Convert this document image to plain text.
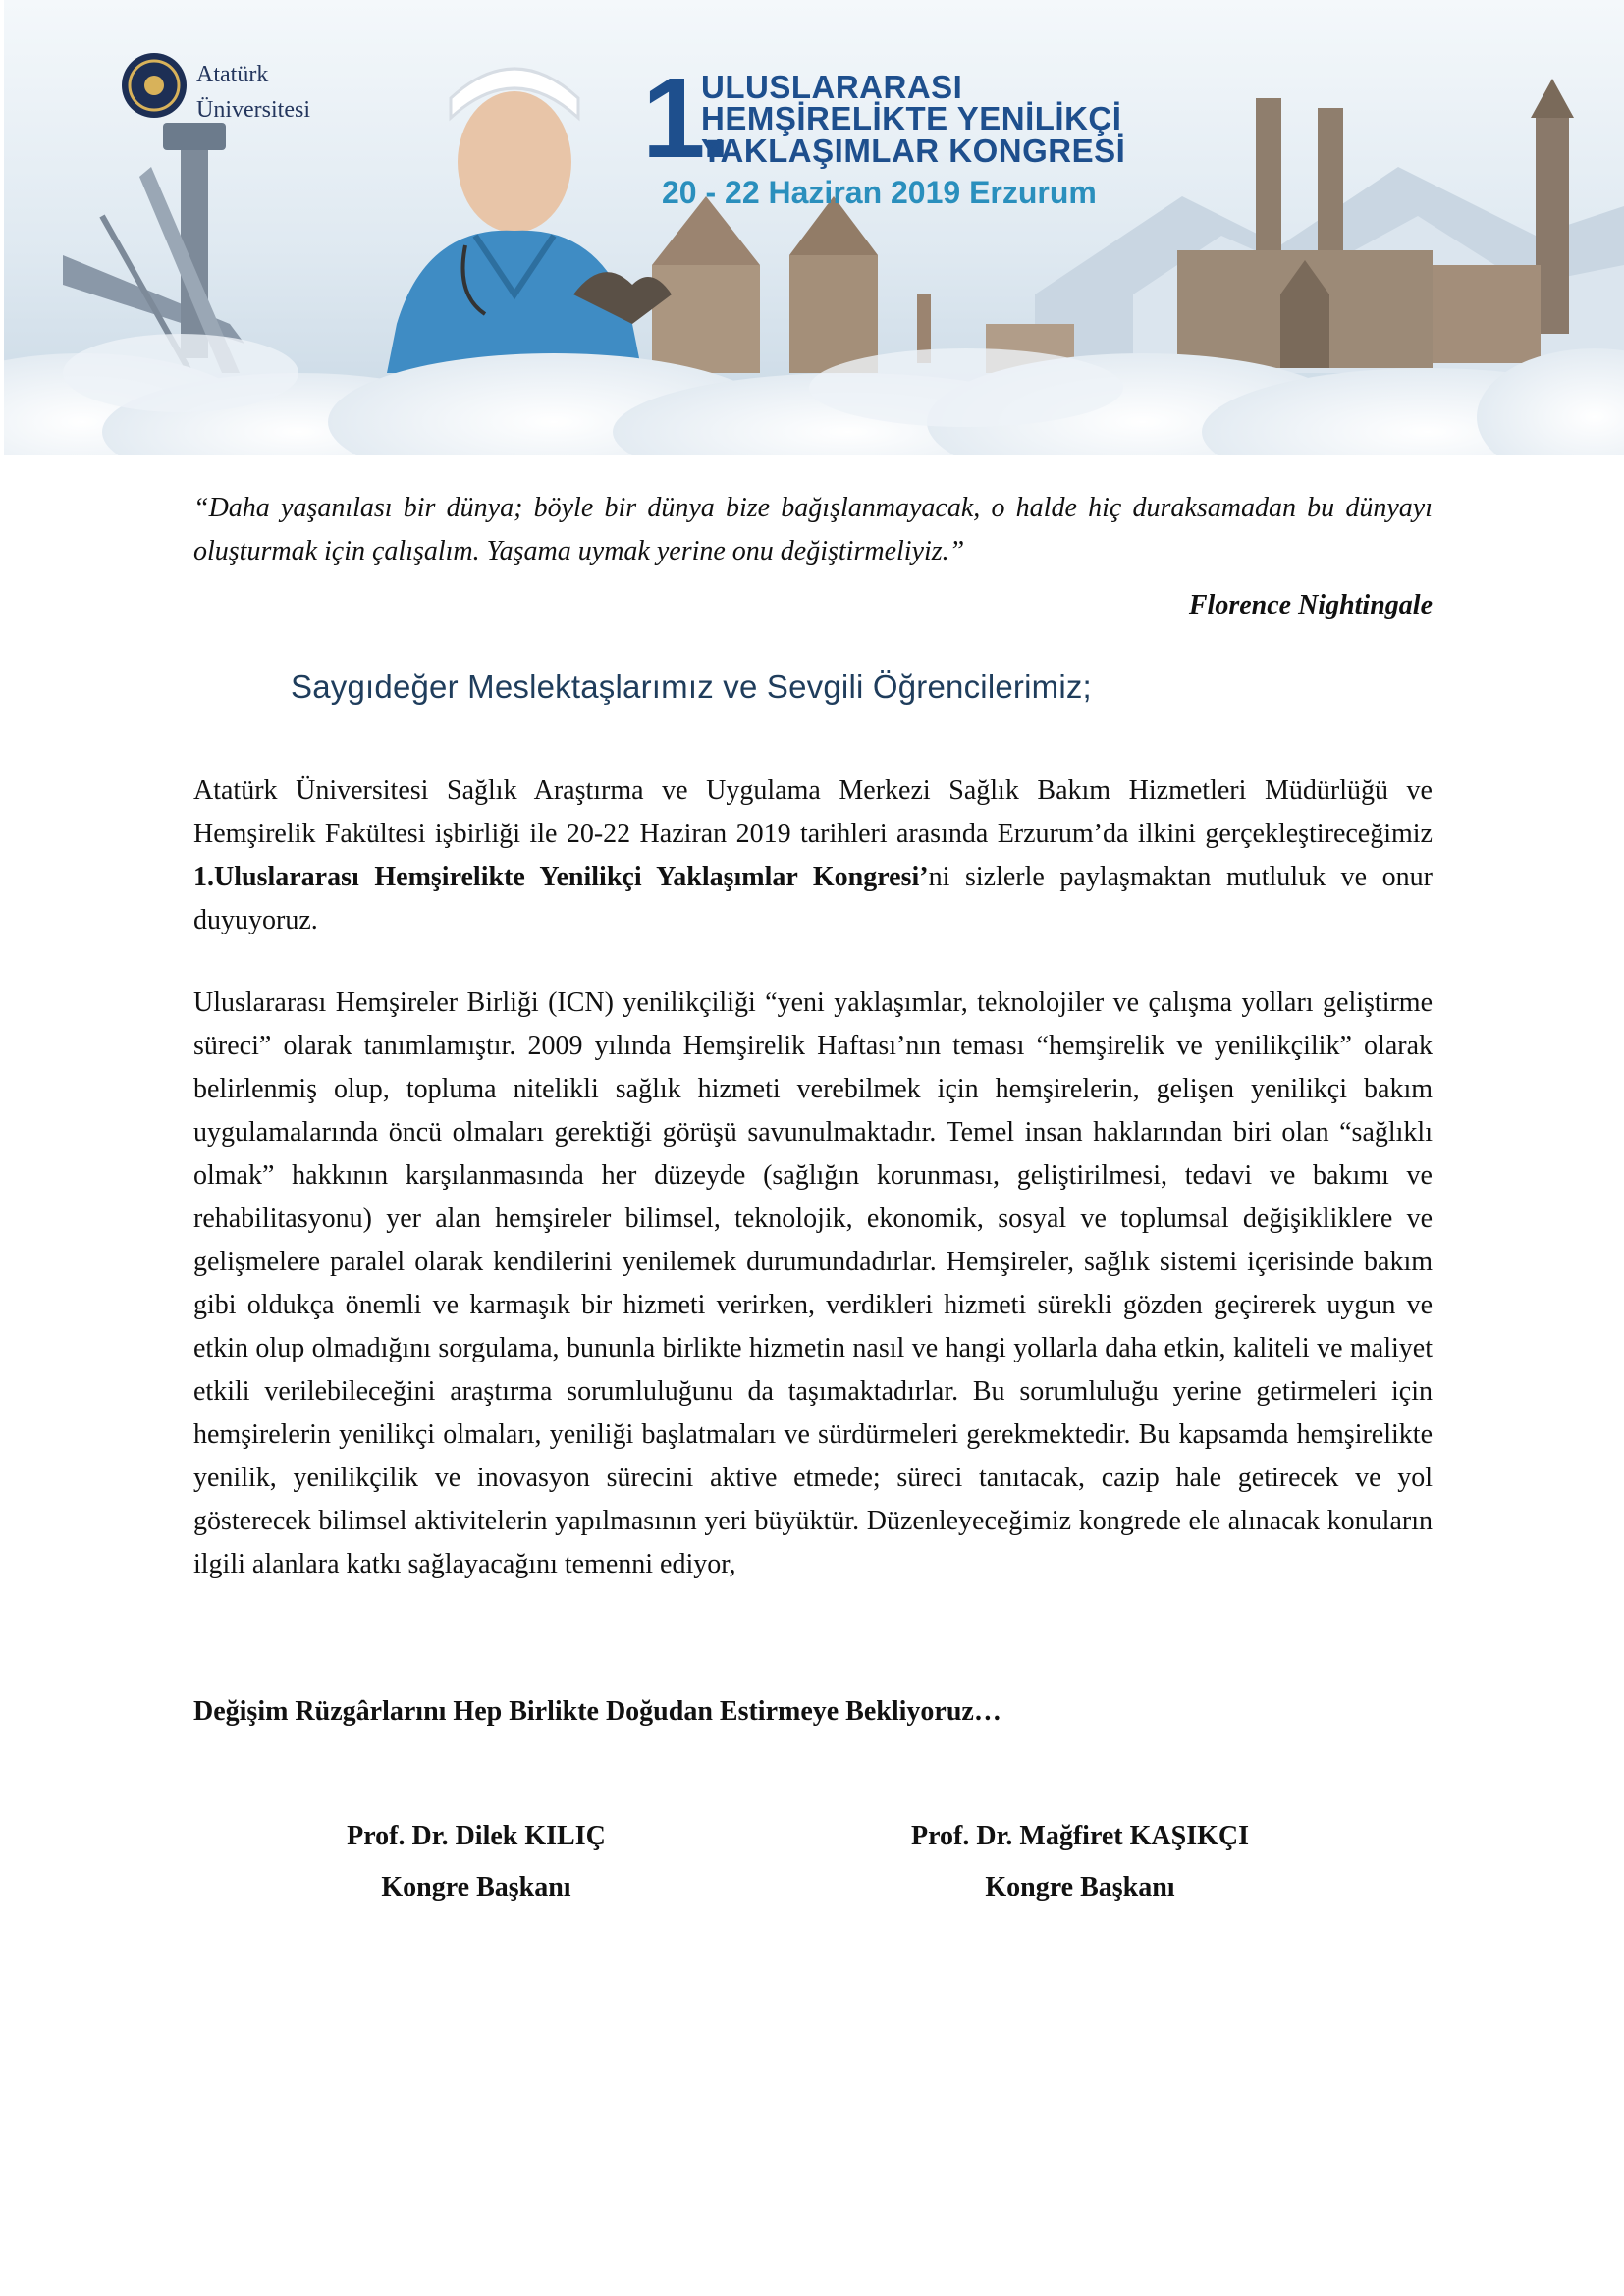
Atatürk
Üniversitesi	1.
ULUSLARARASI
HEMŞİRELİKTE YENİLİKÇİ
YAKLAŞIMLAR KONGRESİ
20 - 22 Haziran 2019 Erzurum
“Daha yaşanılası bir dünya; böyle bir dünya bize bağışlanmayacak, o halde hiç duraksamadan bu dünyayı oluşturmak için çalışalım. Yaşama uymak yerine onu değiştirmeliyiz.”
Florence Nightingale
Saygıdeğer Meslektaşlarımız ve Sevgili Öğrencilerimiz;
Atatürk Üniversitesi Sağlık Araştırma ve Uygulama Merkezi Sağlık Bakım Hizmetleri Müdürlüğü ve Hemşirelik Fakültesi işbirliği ile 20-22 Haziran 2019 tarihleri arasında Erzurum’da ilkini gerçekleştireceğimiz 1.Uluslararası Hemşirelikte Yenilikçi Yaklaşımlar Kongresi’ni sizlerle paylaşmaktan mutluluk ve onur duyuyoruz.
Uluslararası Hemşireler Birliği (ICN) yenilikçiliği “yeni yaklaşımlar, teknolojiler ve çalışma yolları geliştirme süreci” olarak tanımlamıştır. 2009 yılında Hemşirelik Haftası’nın teması “hemşirelik ve yenilikçilik” olarak belirlenmiş olup, topluma nitelikli sağlık hizmeti verebilmek için hemşirelerin, gelişen yenilikçi bakım uygulamalarında öncü olmaları gerektiği görüşü savunulmaktadır. Temel insan haklarından biri olan “sağlıklı olmak” hakkının karşılanmasında her düzeyde (sağlığın korunması, geliştirilmesi, tedavi ve bakımı ve rehabilitasyonu) yer alan hemşireler bilimsel, teknolojik, ekonomik, sosyal ve toplumsal değişikliklere ve gelişmelere paralel olarak kendilerini yenilemek durumundadırlar. Hemşireler, sağlık sistemi içerisinde bakım gibi oldukça önemli ve karmaşık bir hizmeti verirken, verdikleri hizmeti sürekli gözden geçirerek uygun ve etkin olup olmadığını sorgulama, bununla birlikte hizmetin nasıl ve hangi yollarla daha etkin, kaliteli ve maliyet etkili verilebileceğini araştırma sorumluluğunu da taşımaktadırlar. Bu sorumluluğu yerine getirmeleri için hemşirelerin yenilikçi olmaları, yeniliği başlatmaları ve sürdürmeleri gerekmektedir. Bu kapsamda hemşirelikte yenilik, yenilikçilik ve inovasyon sürecini aktive etmede; süreci tanıtacak, cazip hale getirecek ve yol gösterecek bilimsel aktivitelerin yapılmasının yeri büyüktür. Düzenleyeceğimiz kongrede ele alınacak konuların ilgili alanlara katkı sağlayacağını temenni ediyor,
Değişim Rüzgârlarını Hep Birlikte Doğudan Estirmeye Bekliyoruz…
Prof. Dr. Dilek KILIÇ
Kongre Başkanı
Prof. Dr. Mağfiret KAŞIKÇI
Kongre Başkanı
